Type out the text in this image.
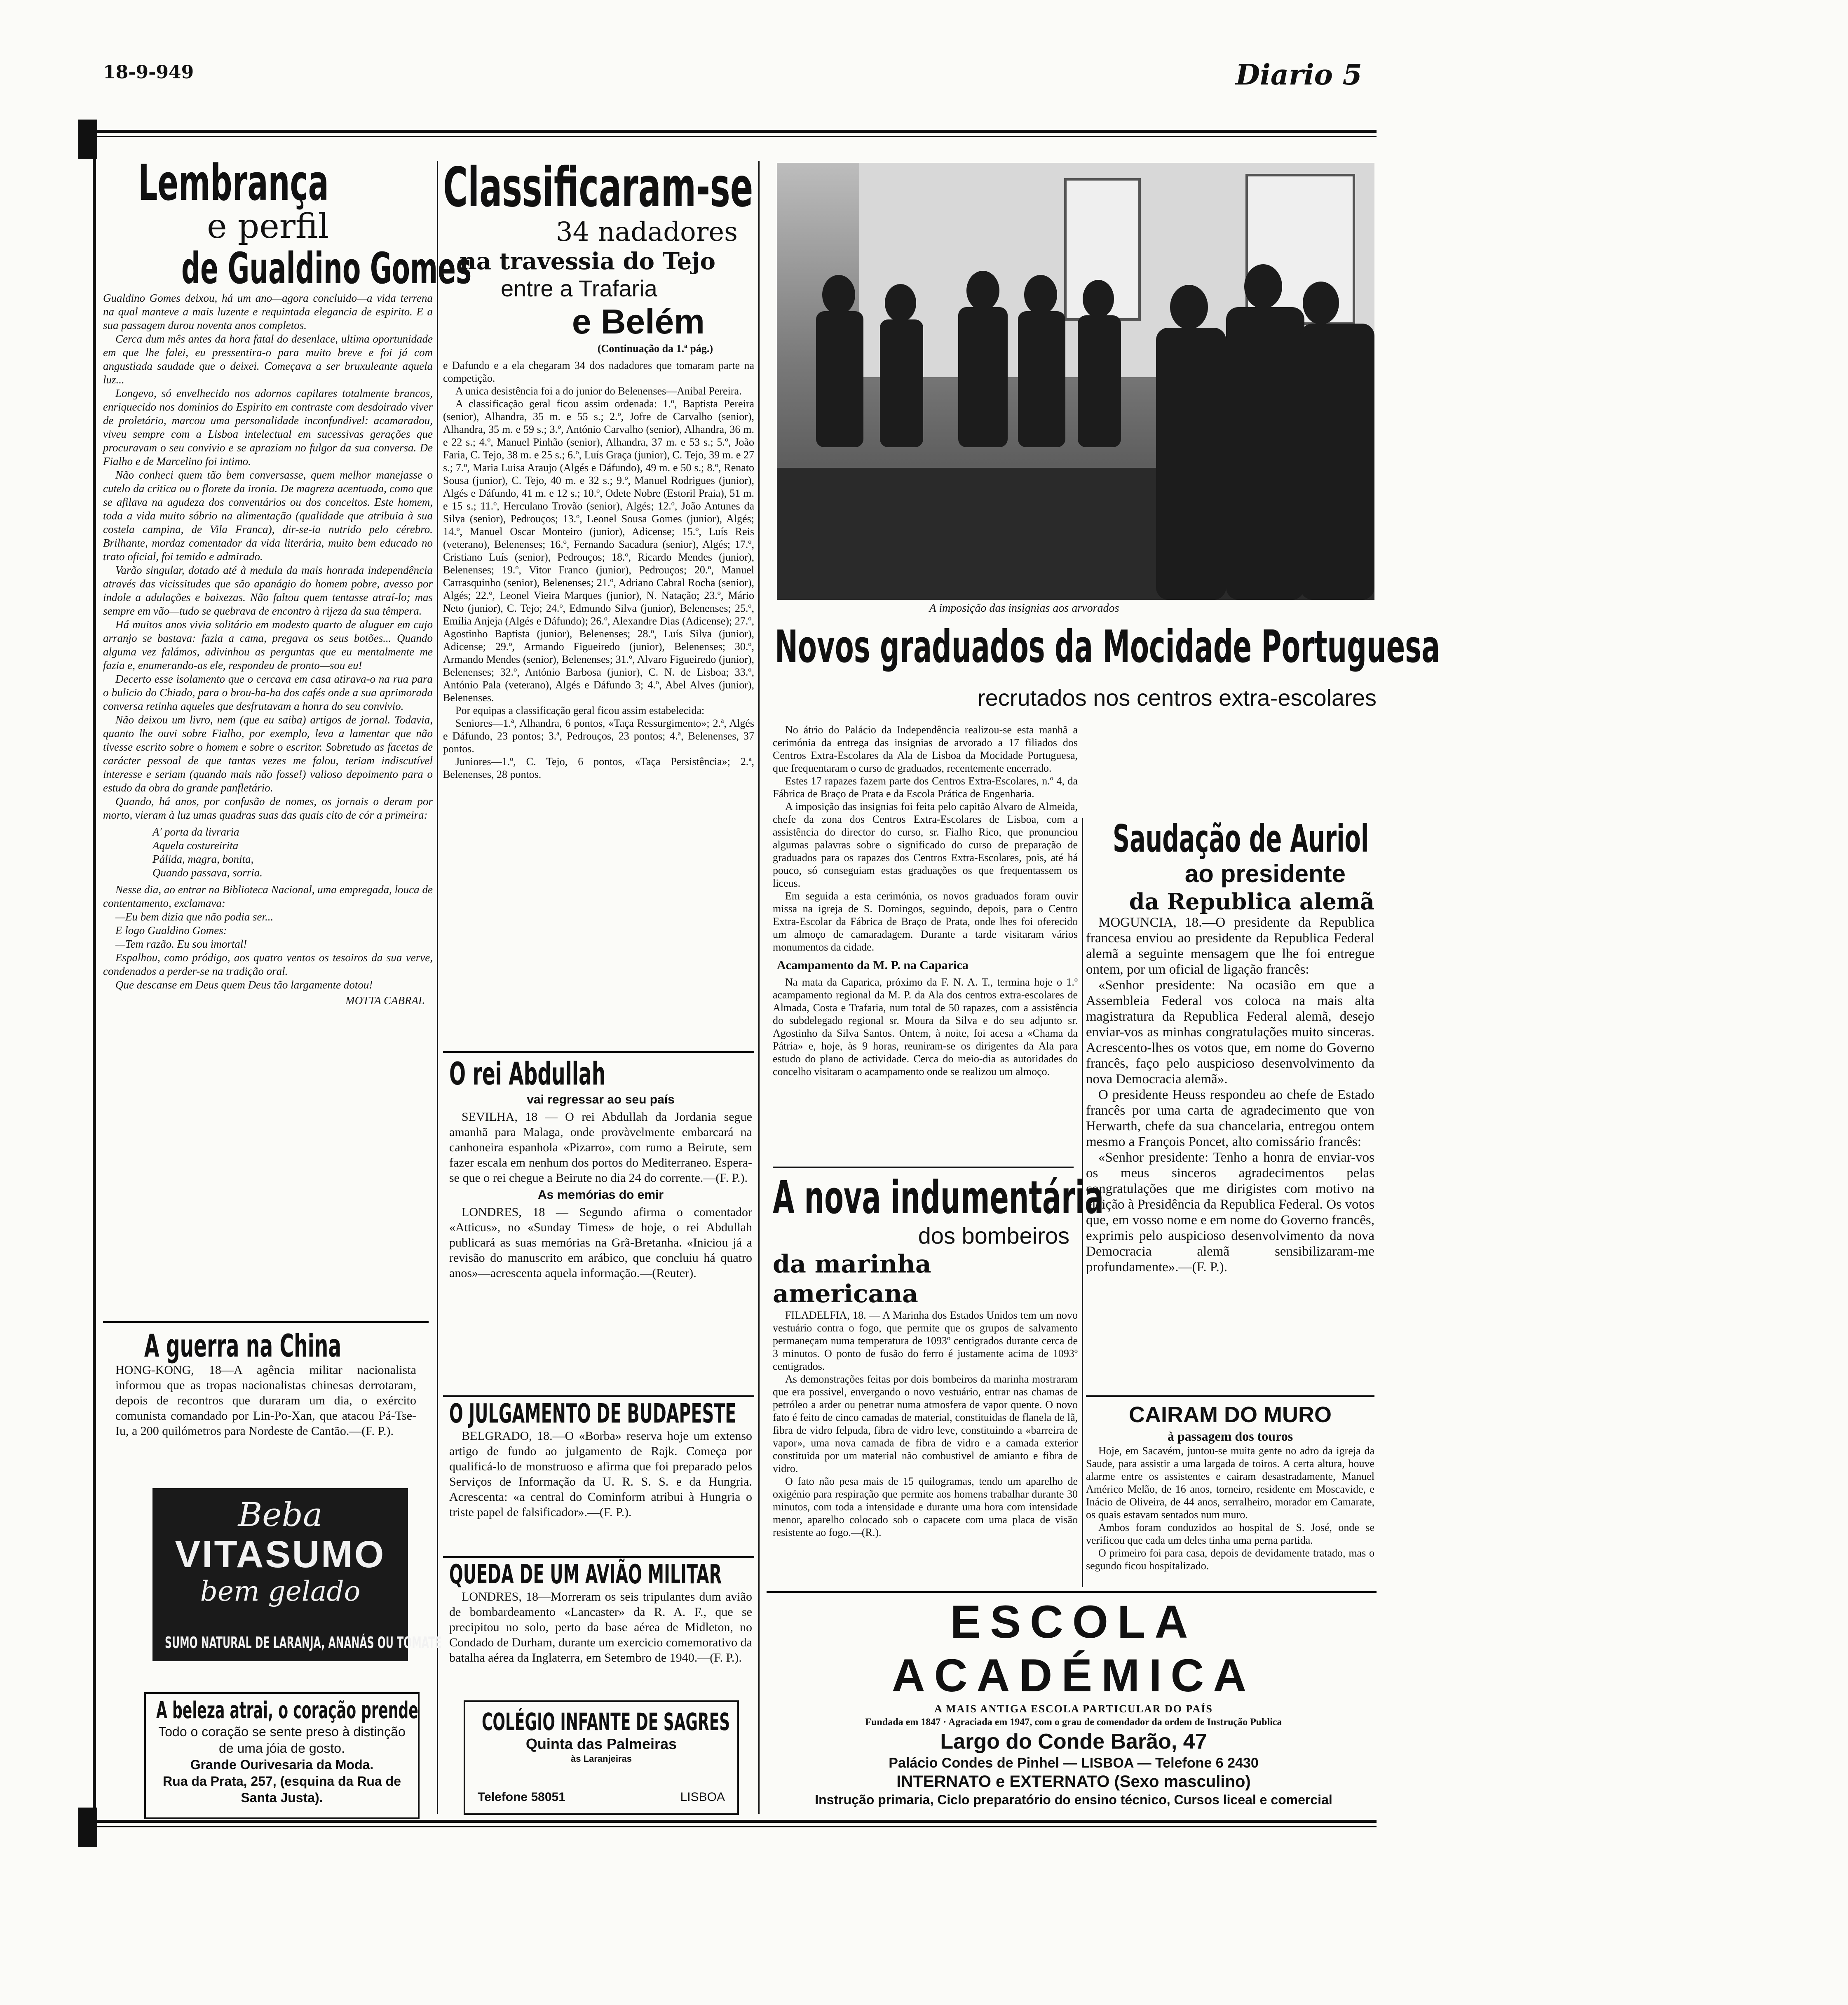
18-9-949	Diario 5
Lembrança
e perfil
de Gualdino Gomes

Gualdino Gomes deixou, há um ano—agora concluido—a vida terrena na qual manteve a mais luzente e requintada elegancia de espirito. E a sua passagem durou noventa anos completos.

Cerca dum mês antes da hora fatal do desenlace, ultima oportunidade em que lhe falei, eu pressentira-o para muito breve e foi já com angustiada saudade que o deixei. Começava a ser bruxuleante aquela luz...

Longevo, só envelhecido nos adornos capilares totalmente brancos, enriquecido nos dominios do Espirito em contraste com desdoirado viver de proletário, marcou uma personalidade inconfundivel: acamaradou, viveu sempre com a Lisboa intelectual em sucessivas gerações que procuravam o seu convivio e se apraziam no fulgor da sua conversa. De Fialho e de Marcelino foi intimo.

Não conheci quem tão bem conversasse, quem melhor manejasse o cutelo da critica ou o florete da ironia. De magreza acentuada, como que se afilava na agudeza dos conventários ou dos conceitos. Este homem, toda a vida muito sóbrio na alimentação (qualidade que atribuia à sua costela campina, de Vila Franca), dir-se-ia nutrido pelo cérebro. Brilhante, mordaz comentador da vida literária, muito bem educado no trato oficial, foi temido e admirado.

Varão singular, dotado até à medula da mais honrada independência através das vicissitudes que são apanágio do homem pobre, avesso por indole a adulações e baixezas. Não faltou quem tentasse atraí-lo; mas sempre em vão—tudo se quebrava de encontro à rijeza da sua têmpera.

Há muitos anos vivia solitário em modesto quarto de aluguer em cujo arranjo se bastava: fazia a cama, pregava os seus botões... Quando alguma vez falámos, adivinhou as perguntas que eu mentalmente me fazia e, enumerando-as ele, respondeu de pronto—sou eu!

Decerto esse isolamento que o cercava em casa atirava-o na rua para o bulicio do Chiado, para o brou-ha-ha dos cafés onde a sua aprimorada conversa retinha aqueles que desfrutavam a honra do seu convivio.

Não deixou um livro, nem (que eu saiba) artigos de jornal. Todavia, quanto lhe ouvi sobre Fialho, por exemplo, leva a lamentar que não tivesse escrito sobre o homem e sobre o escritor. Sobretudo as facetas de carácter pessoal de que tantas vezes me falou, teriam indiscutível interesse e seriam (quando mais não fosse!) valioso depoimento para o estudo da obra do grande panfletário.

Quando, há anos, por confusão de nomes, os jornais o deram por morto, vieram à luz umas quadras suas das quais cito de cór a primeira:

A' porta da livraria
Aquela costureirita
Pálida, magra, bonita,
Quando passava, sorria.

Nesse dia, ao entrar na Biblioteca Nacional, uma empregada, louca de contentamento, exclamava:

—Eu bem dizia que não podia ser...

E logo Gualdino Gomes:

—Tem razão. Eu sou imortal!

Espalhou, como pródigo, aos quatro ventos os tesoiros da sua verve, condenados a perder-se na tradição oral.

Que descanse em Deus quem Deus tão largamente dotou!

MOTTA CABRAL
A guerra na China

HONG-KONG, 18—A agência militar nacionalista informou que as tropas nacionalistas chinesas derrotaram, depois de recontros que duraram um dia, o exército comunista comandado por Lin-Po-Xan, que atacou Pá-Tse-Iu, a 200 quilómetros para Nordeste de Cantão.—(F. P.).

Beba
VITASUMO
bem gelado
SUMO NATURAL DE LARANJA, ANANÁS OU TOMATE
A beleza atrai, o coração prende
Todo o coração se sente preso à distinção de uma jóia de gosto.
Grande Ourivesaria da Moda.
Rua da Prata, 257, (esquina da Rua de Santa Justa).
Classificaram-se
34 nadadores
na travessia do Tejo
entre a Trafaria
e Belém
(Continuação da 1.ª pág.)

e Dafundo e a ela chegaram 34 dos nadadores que tomaram parte na competição.

A unica desistência foi a do junior do Belenenses—Anibal Pereira.

A classificação geral ficou assim ordenada: 1.º, Baptista Pereira (senior), Alhandra, 35 m. e 55 s.; 2.º, Jofre de Carvalho (senior), Alhandra, 35 m. e 59 s.; 3.º, António Carvalho (senior), Alhandra, 36 m. e 22 s.; 4.º, Manuel Pinhão (senior), Alhandra, 37 m. e 53 s.; 5.º, João Faria, C. Tejo, 38 m. e 25 s.; 6.º, Luís Graça (junior), C. Tejo, 39 m. e 27 s.; 7.º, Maria Luisa Araujo (Algés e Dáfundo), 49 m. e 50 s.; 8.º, Renato Sousa (junior), C. Tejo, 40 m. e 32 s.; 9.º, Manuel Rodrigues (junior), Algés e Dáfundo, 41 m. e 12 s.; 10.º, Odete Nobre (Estoril Praia), 51 m. e 15 s.; 11.º, Herculano Trovão (senior), Algés; 12.º, João Antunes da Silva (senior), Pedrouços; 13.º, Leonel Sousa Gomes (junior), Algés; 14.º, Manuel Oscar Monteiro (junior), Adicense; 15.º, Luís Reis (veterano), Belenenses; 16.º, Fernando Sacadura (senior), Algés; 17.º, Cristiano Luís (senior), Pedrouços; 18.º, Ricardo Mendes (junior), Belenenses; 19.º, Vitor Franco (junior), Pedrouços; 20.º, Manuel Carrasquinho (senior), Belenenses; 21.º, Adriano Cabral Rocha (senior), Algés; 22.º, Leonel Vieira Marques (junior), N. Natação; 23.º, Mário Neto (junior), C. Tejo; 24.º, Edmundo Silva (junior), Belenenses; 25.º, Emília Anjeja (Algés e Dáfundo); 26.º, Alexandre Dias (Adicense); 27.º, Agostinho Baptista (junior), Belenenses; 28.º, Luís Silva (junior), Adicense; 29.º, Armando Figueiredo (junior), Belenenses; 30.º, Armando Mendes (senior), Belenenses; 31.º, Alvaro Figueiredo (junior), Belenenses; 32.º, António Barbosa (junior), C. N. de Lisboa; 33.º, António Pala (veterano), Algés e Dáfundo 3; 4.º, Abel Alves (junior), Belenenses.

Por equipas a classificação geral ficou assim estabelecida:

Seniores—1.ª, Alhandra, 6 pontos, «Taça Ressurgimento»; 2.ª, Algés e Dáfundo, 23 pontos; 3.ª, Pedrouços, 23 pontos; 4.ª, Belenenses, 37 pontos.

Juniores—1.º, C. Tejo, 6 pontos, «Taça Persistência»; 2.ª, Belenenses, 28 pontos.

O rei Abdullah
vai regressar ao seu país

SEVILHA, 18 — O rei Abdullah da Jordania segue amanhã para Malaga, onde provàvelmente embarcará na canhoneira espanhola «Pizarro», com rumo a Beirute, sem fazer escala em nenhum dos portos do Mediterraneo. Espera-se que o rei chegue a Beirute no dia 24 do corrente.—(F. P.).

As memórias do emir

LONDRES, 18 — Segundo afirma o comentador «Atticus», no «Sunday Times» de hoje, o rei Abdullah publicará as suas memórias na Grã-Bretanha. «Iniciou já a revisão do manuscrito em arábico, que concluiu há quatro anos»—acrescenta aquela informação.—(Reuter).

O JULGAMENTO DE BUDAPESTE

BELGRADO, 18.—O «Borba» reserva hoje um extenso artigo de fundo ao julgamento de Rajk. Começa por qualificá-lo de monstruoso e afirma que foi preparado pelos Serviços de Informação da U. R. S. S. e da Hungria. Acrescenta: «a central do Cominform atribui à Hungria o triste papel de falsificador».—(F. P.).

QUEDA DE UM AVIÃO MILITAR

LONDRES, 18—Morreram os seis tripulantes dum avião de bombardeamento «Lancaster» da R. A. F., que se precipitou no solo, perto da base aérea de Midleton, no Condado de Durham, durante um exercicio comemorativo da batalha aérea da Inglaterra, em Setembro de 1940.—(F. P.).

COLÉGIO INFANTE DE SAGRES
Quinta das Palmeiras
às Laranjeiras
Telefone 58051	LISBOA
A imposição das insignias aos arvorados
Novos graduados da Mocidade Portuguesa
recrutados nos centros extra-escolares

No átrio do Palácio da Independência realizou-se esta manhã a cerimónia da entrega das insignias de arvorado a 17 filiados dos Centros Extra-Escolares da Ala de Lisboa da Mocidade Portuguesa, que frequentaram o curso de graduados, recentemente encerrado.

Estes 17 rapazes fazem parte dos Centros Extra-Escolares, n.º 4, da Fábrica de Braço de Prata e da Escola Prática de Engenharia.

A imposição das insignias foi feita pelo capitão Alvaro de Almeida, chefe da zona dos Centros Extra-Escolares de Lisboa, com a assistência do director do curso, sr. Fialho Rico, que pronunciou algumas palavras sobre o significado do curso de preparação de graduados para os rapazes dos Centros Extra-Escolares, pois, até há pouco, só conseguiam estas graduações os que frequentassem os liceus.

Em seguida a esta cerimónia, os novos graduados foram ouvir missa na igreja de S. Domingos, seguindo, depois, para o Centro Extra-Escolar da Fábrica de Braço de Prata, onde lhes foi oferecido um almoço de camaradagem. Durante a tarde visitaram vários monumentos da cidade.

Acampamento da M. P. na Caparica

Na mata da Caparica, próximo da F. N. A. T., termina hoje o 1.º acampamento regional da M. P. da Ala dos centros extra-escolares de Almada, Costa e Trafaria, num total de 50 rapazes, com a assistência do subdelegado regional sr. Moura da Silva e do seu adjunto sr. Agostinho da Silva Santos. Ontem, à noite, foi acesa a «Chama da Pátria» e, hoje, às 9 horas, reuniram-se os dirigentes da Ala para estudo do plano de actividade. Cerca do meio-dia as autoridades do concelho visitaram o acampamento onde se realizou um almoço.

Saudação de Auriol
ao presidente
da Republica alemã

MOGUNCIA, 18.—O presidente da Republica francesa enviou ao presidente da Republica Federal alemã a seguinte mensagem que lhe foi entregue ontem, por um oficial de ligação francês:

«Senhor presidente: Na ocasião em que a Assembleia Federal vos coloca na mais alta magistratura da Republica Federal alemã, desejo enviar-vos as minhas congratulações muito sinceras. Acrescento-lhes os votos que, em nome do Governo francês, faço pelo auspicioso desenvolvimento da nova Democracia alemã».

O presidente Heuss respondeu ao chefe de Estado francês por uma carta de agradecimento que von Herwarth, chefe da sua chancelaria, entregou ontem mesmo a François Poncet, alto comissário francês:

«Senhor presidente: Tenho a honra de enviar-vos os meus sinceros agradecimentos pelas congratulações que me dirigistes com motivo na eleição à Presidência da Republica Federal. Os votos que, em vosso nome e em nome do Governo francês, exprimis pelo auspicioso desenvolvimento da nova Democracia alemã sensibilizaram-me profundamente».—(F. P.).

A nova indumentária
dos bombeiros
da marinha americana

FILADELFIA, 18. — A Marinha dos Estados Unidos tem um novo vestuário contra o fogo, que permite que os grupos de salvamento permaneçam numa temperatura de 1093º centigrados durante cerca de 3 minutos. O ponto de fusão do ferro é justamente acima de 1093º centigrados.

As demonstrações feitas por dois bombeiros da marinha mostraram que era possivel, envergando o novo vestuário, entrar nas chamas de petróleo a arder ou penetrar numa atmosfera de vapor quente. O novo fato é feito de cinco camadas de material, constituidas de flanela de lã, fibra de vidro felpuda, fibra de vidro leve, constituindo a «barreira de vapor», uma nova camada de fibra de vidro e a camada exterior constituida por um material não combustivel de amianto e fibra de vidro.

O fato não pesa mais de 15 quilogramas, tendo um aparelho de oxigénio para respiração que permite aos homens trabalhar durante 30 minutos, com toda a intensidade e durante uma hora com intensidade menor, aparelho colocado sob o capacete com uma placa de visão resistente ao fogo.—(R.).

CAIRAM DO MURO
à passagem dos touros

Hoje, em Sacavém, juntou-se muita gente no adro da igreja da Saude, para assistir a uma largada de toiros. A certa altura, houve alarme entre os assistentes e cairam desastradamente, Manuel Américo Melão, de 16 anos, torneiro, residente em Moscavide, e Inácio de Oliveira, de 44 anos, serralheiro, morador em Camarate, os quais estavam sentados num muro.

Ambos foram conduzidos ao hospital de S. José, onde se verificou que cada um deles tinha uma perna partida.

O primeiro foi para casa, depois de devidamente tratado, mas o segundo ficou hospitalizado.

ESCOLA ACADÉMICA
A MAIS ANTIGA ESCOLA PARTICULAR DO PAÍS
Fundada em 1847 · Agraciada em 1947, com o grau de comendador da ordem de Instrução Publica
Largo do Conde Barão, 47
Palácio Condes de Pinhel — LISBOA — Telefone 6 2430
INTERNATO e EXTERNATO (Sexo masculino)
Instrução primaria, Ciclo preparatório do ensino técnico, Cursos liceal e comercial
